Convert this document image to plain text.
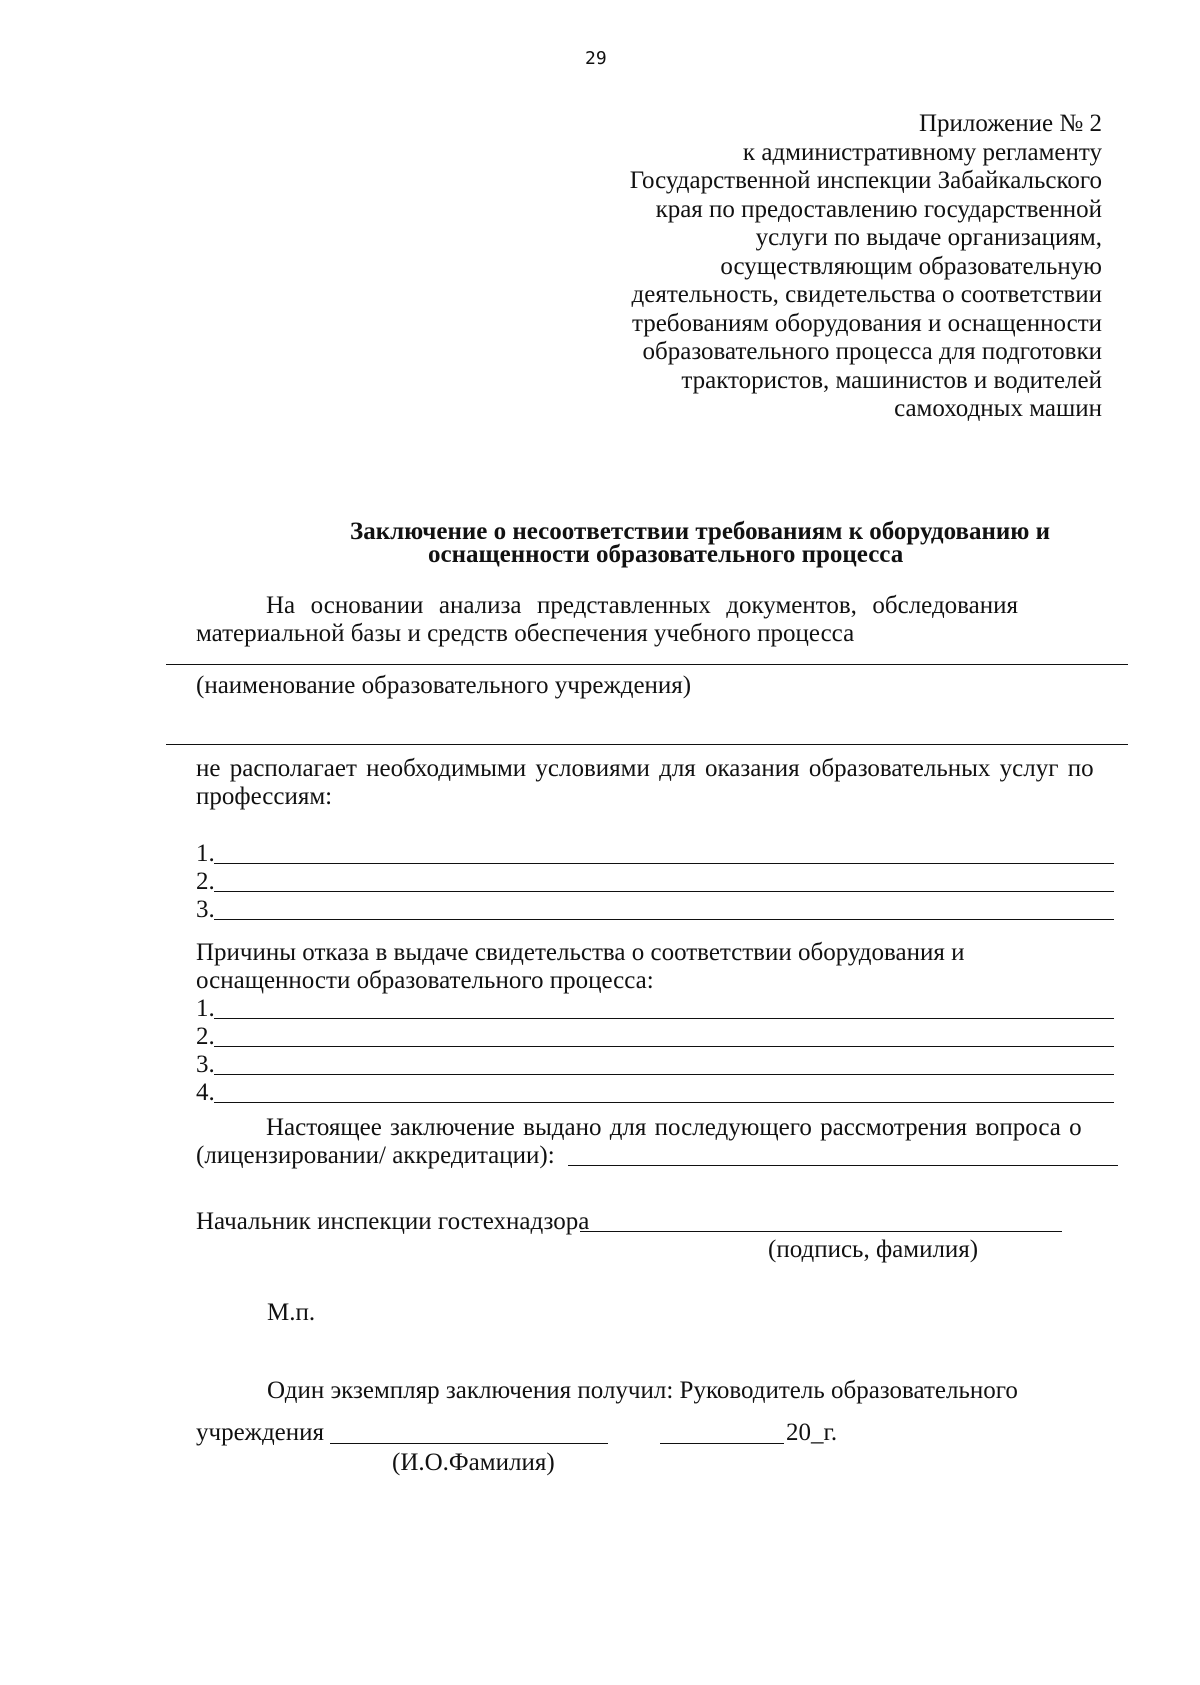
29
Приложение № 2
к административному регламенту
Государственной инспекции Забайкальского
края по предоставлению государственной
услуги по выдаче организациям,
осуществляющим образовательную
деятельность, свидетельства о соответствии
требованиям оборудования и оснащенности
образовательного процесса для подготовки
трактористов, машинистов и водителей
самоходных машин
Заключение о несоответствии требованиям к оборудованию и
оснащенности образовательного процесса
На основании анализа представленных документов, обследования
материальной базы и средств обеспечения учебного процесса
(наименование образовательного учреждения)
не располагает необходимыми условиями для оказания образовательных услуг по
профессиям:
1.
2.
3.
Причины отказа в выдаче свидетельства о соответствии оборудования и
оснащенности образовательного процесса:
1.
2.
3.
4.
Настоящее заключение выдано для последующего рассмотрения вопроса о
(лицензировании/ аккредитации):
Начальник инспекции гостехнадзора
(подпись, фамилия)
М.п.
Один экземпляр заключения получил: Руководитель образовательного
учреждения	20_г.
(И.О.Фамилия)
